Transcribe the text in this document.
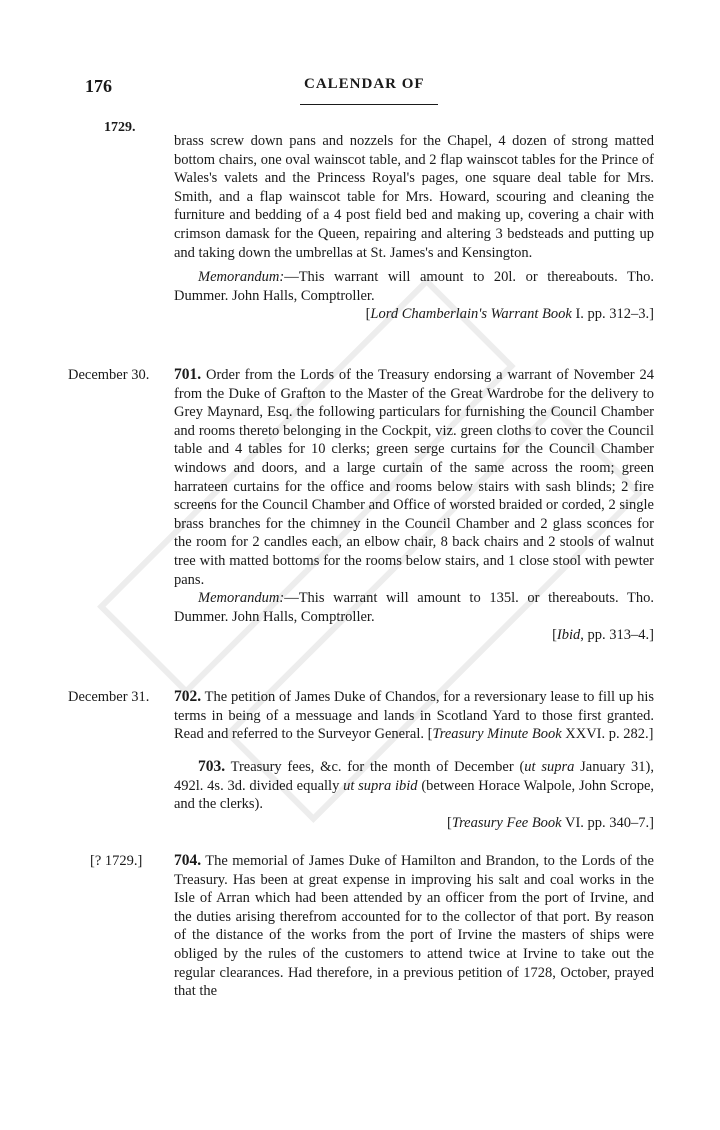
176	CALENDAR OF
1729.

brass screw down pans and nozzels for the Chapel, 4 dozen of strong matted bottom chairs, one oval wainscot table, and 2 flap wainscot tables for the Prince of Wales's valets and the Princess Royal's pages, one square deal table for Mrs. Smith, and a flap wainscot table for Mrs. Howard, scouring and cleaning the furniture and bedding of a 4 post field bed and making up, covering a chair with crimson damask for the Queen, repairing and altering 3 bedsteads and putting up and taking down the umbrellas at St. James's and Kensington.

Memorandum:—This warrant will amount to 20l. or thereabouts. Tho. Dummer. John Halls, Comptroller.

[Lord Chamberlain's Warrant Book I. pp. 312–3.]

December 30.	701. Order from the Lords of the Treasury endorsing a warrant of November 24 from the Duke of Grafton to the Master of the Great Wardrobe for the delivery to Grey Maynard, Esq. the following particulars for furnishing the Council Chamber and rooms thereto belonging in the Cockpit, viz. green cloths to cover the Council table and 4 tables for 10 clerks; green serge curtains for the Council Chamber windows and doors, and a large curtain of the same across the room; green harrateen curtains for the office and rooms below stairs with sash blinds; 2 fire screens for the Council Chamber and Office of worsted braided or corded, 2 single brass branches for the chimney in the Council Chamber and 2 glass sconces for the room for 2 candles each, an elbow chair, 8 back chairs and 2 stools of walnut tree with matted bottoms for the rooms below stairs, and 1 close stool with pewter pans.

Memorandum:—This warrant will amount to 135l. or thereabouts. Tho. Dummer. John Halls, Comptroller.

[Ibid, pp. 313–4.]

December 31.	702. The petition of James Duke of Chandos, for a reversionary lease to fill up his terms in being of a messuage and lands in Scotland Yard to those first granted. Read and referred to the Surveyor General. [Treasury Minute Book XXVI. p. 282.]

703. Treasury fees, &c. for the month of December (ut supra January 31), 492l. 4s. 3d. divided equally ut supra ibid (between Horace Walpole, John Scrope, and the clerks).

[Treasury Fee Book VI. pp. 340–7.]

[? 1729.]	704. The memorial of James Duke of Hamilton and Brandon, to the Lords of the Treasury. Has been at great expense in improving his salt and coal works in the Isle of Arran which had been attended by an officer from the port of Irvine, and the duties arising therefrom accounted for to the collector of that port. By reason of the distance of the works from the port of Irvine the masters of ships were obliged by the rules of the customers to attend twice at Irvine to take out the regular clearances. Had therefore, in a previous petition of 1728, October, prayed that the
